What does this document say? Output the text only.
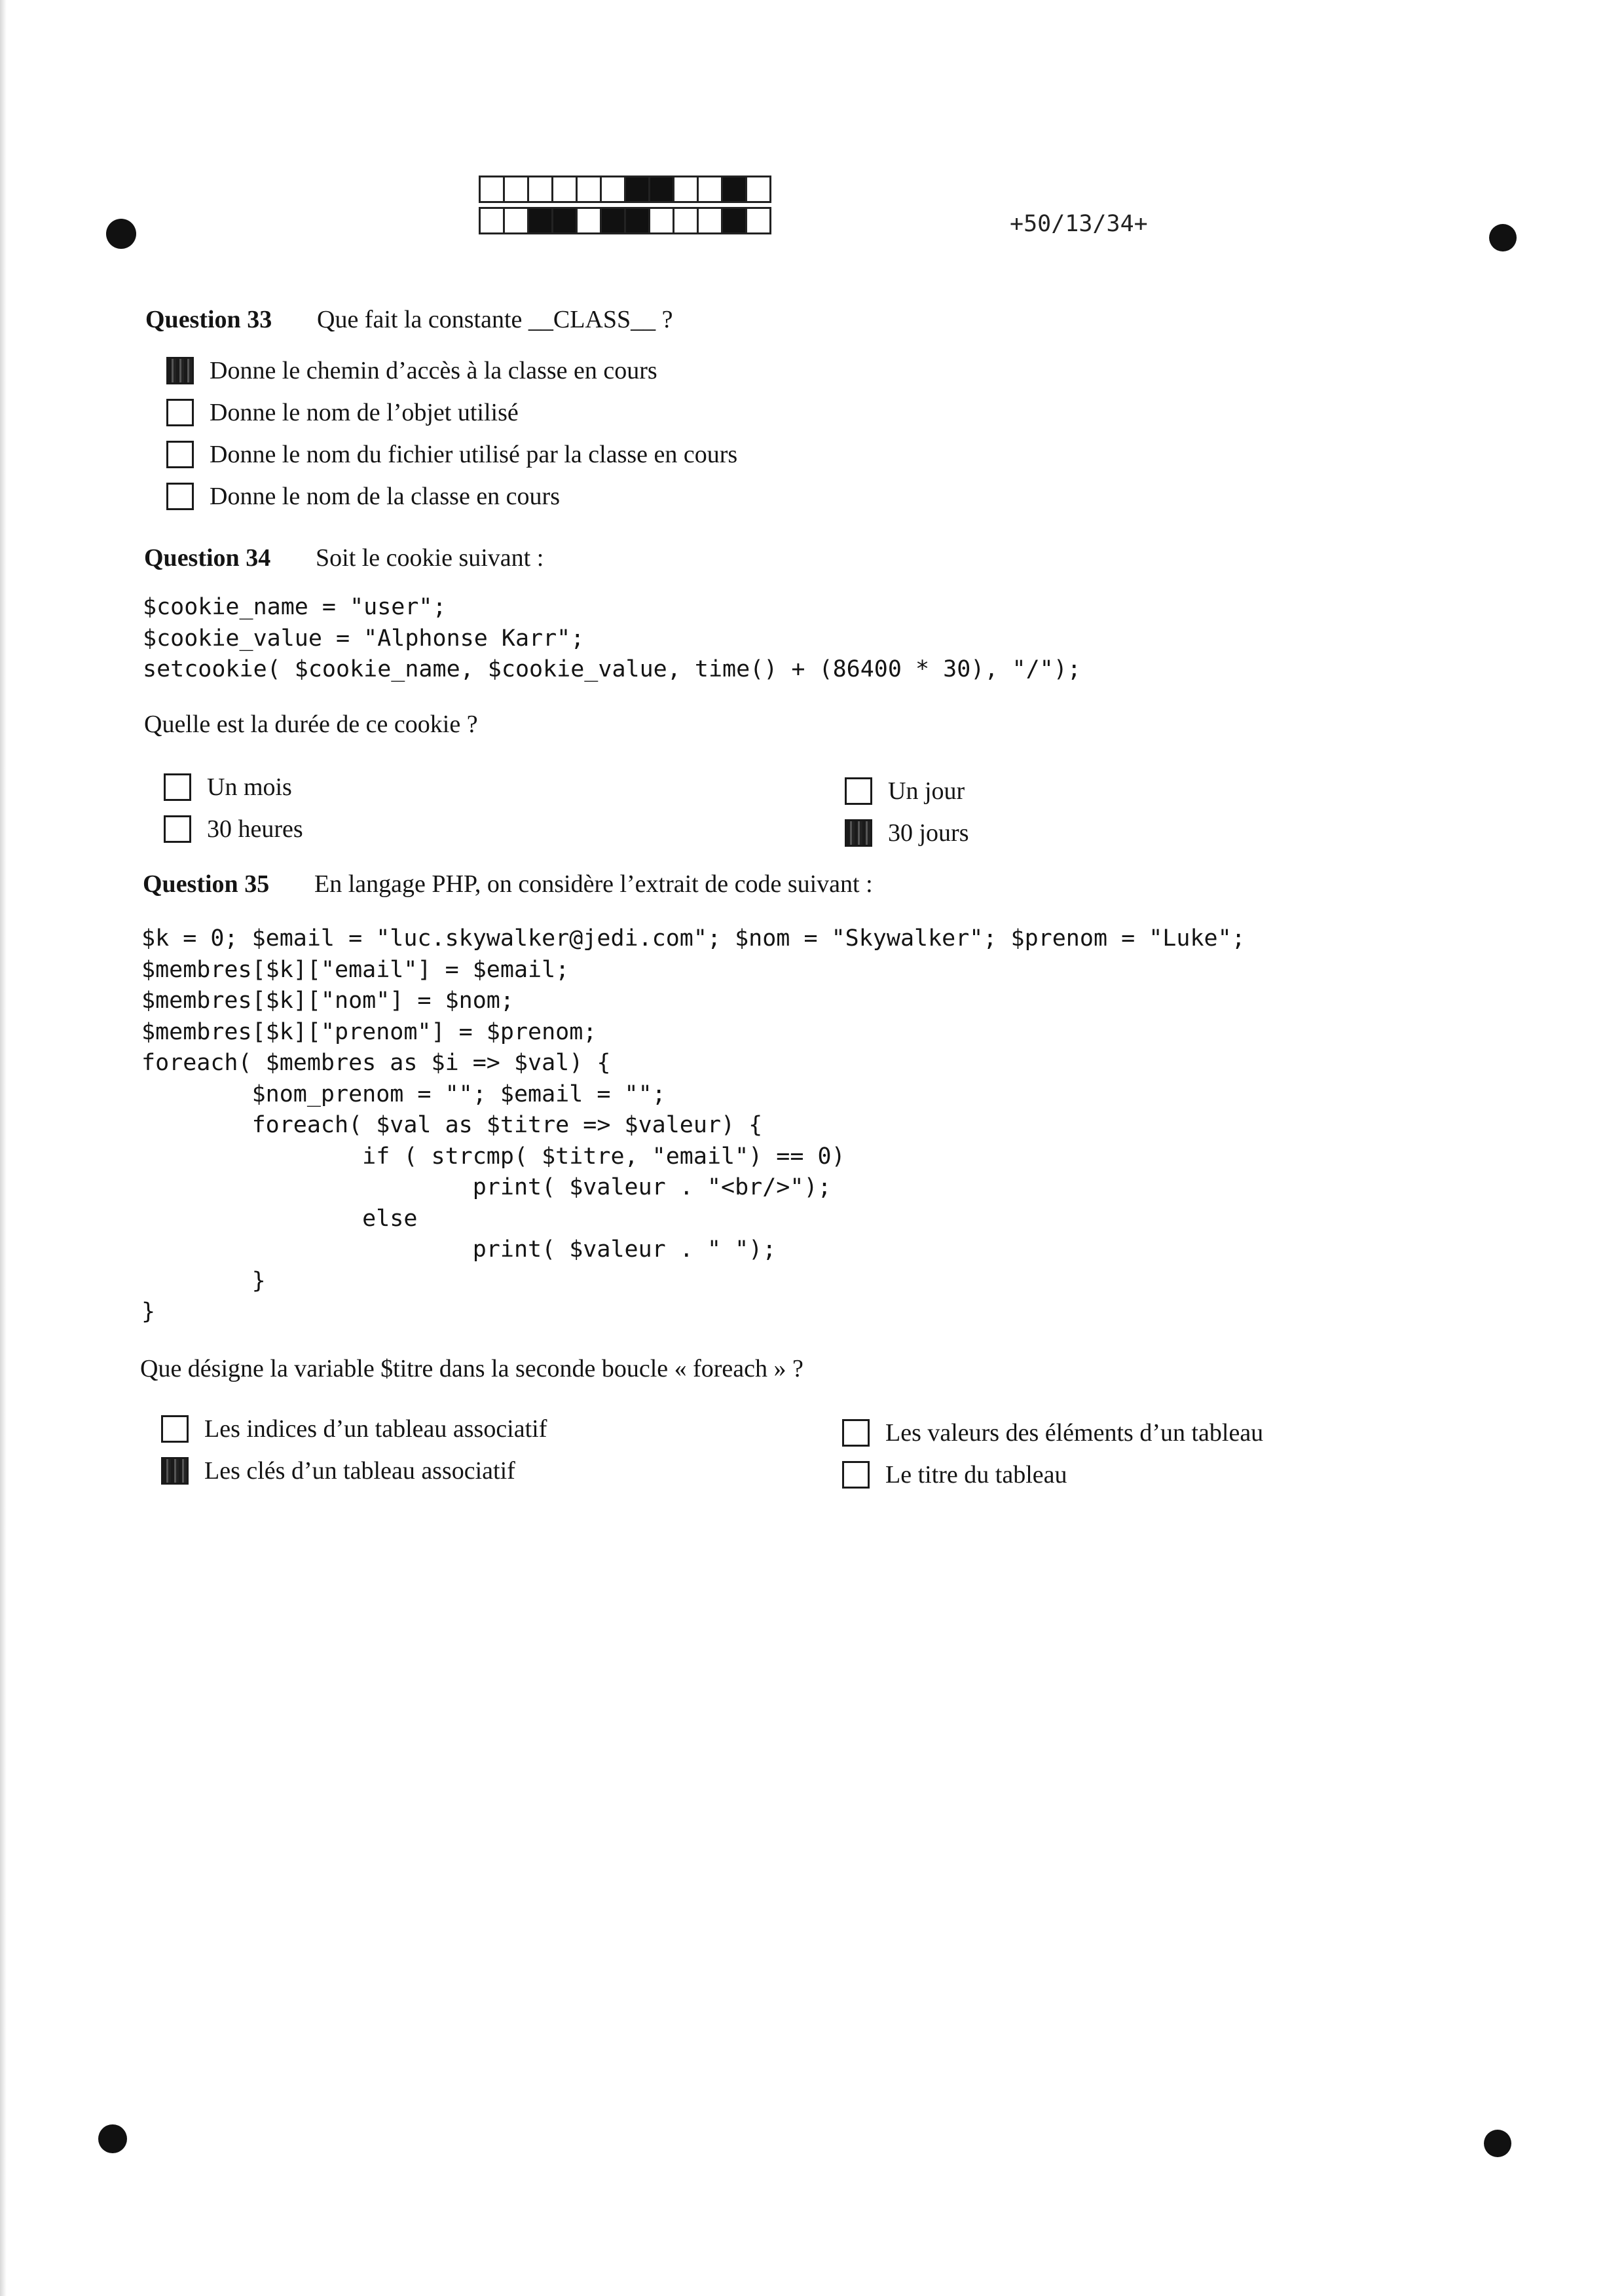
+50/13/34+
Question 33	Que fait la constante __CLASS__ ?
Donne le chemin d’accès à la classe en cours
Donne le nom de l’objet utilisé
Donne le nom du fichier utilisé par la classe en cours
Donne le nom de la classe en cours
Question 34	Soit le cookie suivant :
$cookie_name = "user";
$cookie_value = "Alphonse Karr";
setcookie( $cookie_name, $cookie_value, time() + (86400 * 30), "/");
Quelle est la durée de ce cookie ?
Un mois
30 heures
Un jour
30 jours
Question 35	En langage PHP, on considère l’extrait de code suivant :
$k = 0; $email = "luc.skywalker@jedi.com"; $nom = "Skywalker"; $prenom = "Luke";
$membres[$k]["email"] = $email;
$membres[$k]["nom"] = $nom;
$membres[$k]["prenom"] = $prenom;
foreach( $membres as $i => $val) {
$nom_prenom = ""; $email = "";
foreach( $val as $titre => $valeur) {
if ( strcmp( $titre, "email") == 0)
print( $valeur . "<br/>");
else
print( $valeur . " ");
}
}
Que désigne la variable $titre dans la seconde boucle « foreach » ?
Les indices d’un tableau associatif
Les clés d’un tableau associatif
Les valeurs des éléments d’un tableau
Le titre du tableau
